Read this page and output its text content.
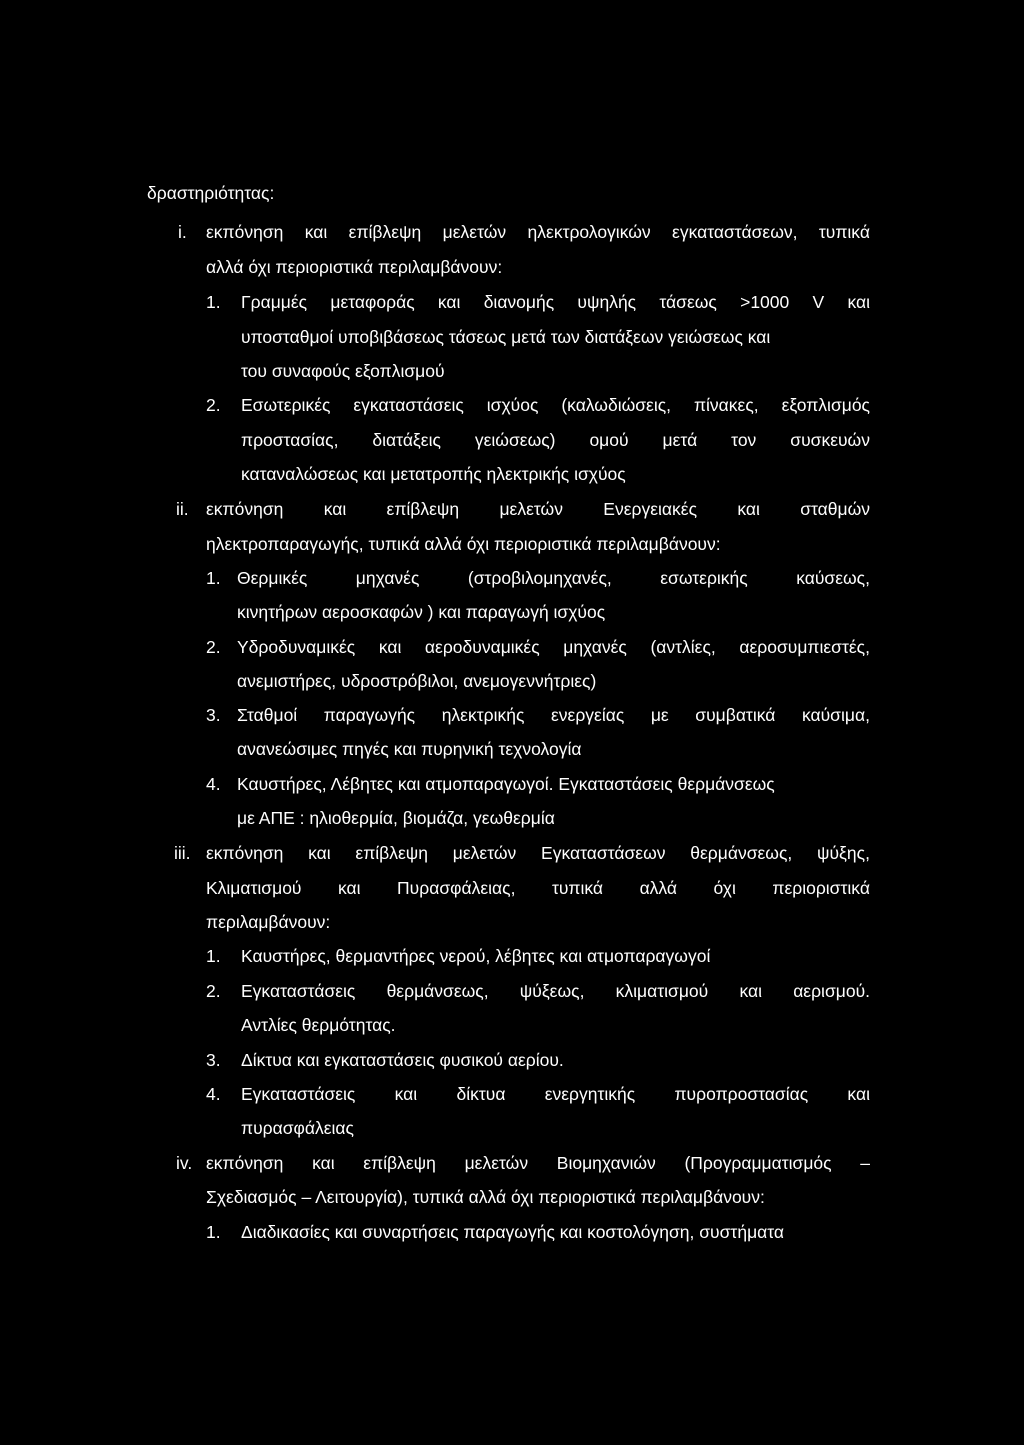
δραστηριότητας:

i. εκπόνηση και επίβλεψη μελετών ηλεκτρολογικών εγκαταστάσεων, τυπικά

αλλά όχι περιοριστικά περιλαμβάνουν:

1. Γραμμές μεταφοράς και διανομής υψηλής τάσεως >1000 V και

υποσταθμοί υποβιβάσεως τάσεως μετά των διατάξεων γειώσεως και

του συναφούς εξοπλισμού

2. Εσωτερικές εγκαταστάσεις ισχύος (καλωδιώσεις, πίνακες, εξοπλισμός

προστασίας, διατάξεις γειώσεως) ομού μετά τον συσκευών

καταναλώσεως και μετατροπής ηλεκτρικής ισχύος

ii. εκπόνηση και επίβλεψη μελετών Ενεργειακές και σταθμών

ηλεκτροπαραγωγής, τυπικά αλλά όχι περιοριστικά περιλαμβάνουν:

1. Θερμικές	μηχανές	(στροβιλομηχανές,	εσωτερικής	καύσεως,

κινητήρων αεροσκαφών ) και παραγωγή ισχύος

2. Υδροδυναμικές και αεροδυναμικές μηχανές (αντλίες, αεροσυμπιεστές,

ανεμιστήρες, υδροστρόβιλοι, ανεμογεννήτριες)

3. Σταθμοί παραγωγής ηλεκτρικής ενεργείας με συμβατικά καύσιμα,

ανανεώσιμες πηγές και πυρηνική τεχνολογία

4. Καυστήρες, Λέβητες και ατμοπαραγωγοί. Εγκαταστάσεις θερμάνσεως

με ΑΠΕ : ηλιοθερμία, βιομάζα, γεωθερμία

iii. εκπόνηση και επίβλεψη μελετών Εγκαταστάσεων θερμάνσεως, ψύξης,

Κλιματισμού και Πυρασφάλειας, τυπικά αλλά όχι περιοριστικά

περιλαμβάνουν:

1. Καυστήρες, θερμαντήρες νερού, λέβητες και ατμοπαραγωγοί

2. Εγκαταστάσεις θερμάνσεως, ψύξεως, κλιματισμού και αερισμού.

Αντλίες θερμότητας.

3. Δίκτυα και εγκαταστάσεις φυσικού αερίου.

4. Εγκαταστάσεις και δίκτυα ενεργητικής πυροπροστασίας και

πυρασφάλειας

iv. εκπόνηση και επίβλεψη μελετών Βιομηχανιών (Προγραμματισμός –

Σχεδιασμός – Λειτουργία), τυπικά αλλά όχι περιοριστικά περιλαμβάνουν:

1. Διαδικασίες και συναρτήσεις παραγωγής και κοστολόγηση, συστήματα
